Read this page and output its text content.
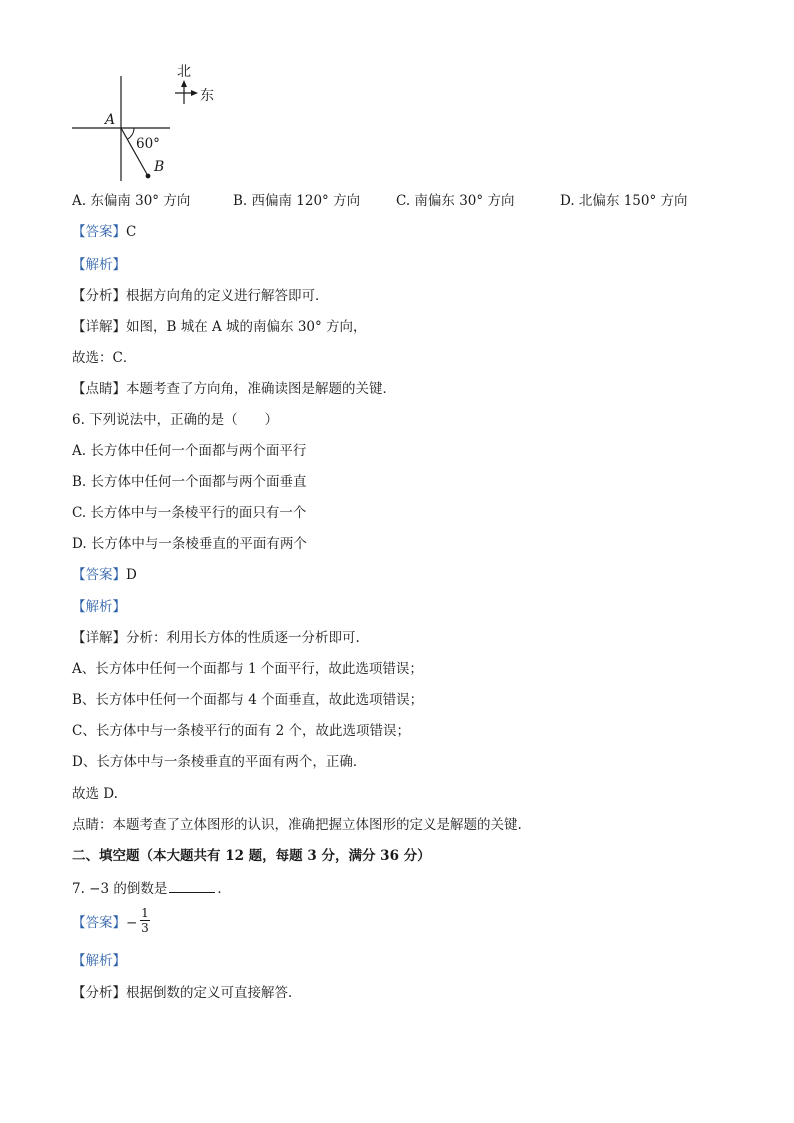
北
东
A
60°
B
A. 东偏南 30° 方向	B. 西偏南 120° 方向	C. 南偏东 30° 方向	D. 北偏东 150° 方向
【答案】C
【解析】
【分析】根据方向角的定义进行解答即可．
【详解】如图，B 城在 A 城的南偏东 30° 方向，
故选：C．
【点睛】本题考查了方向角，准确读图是解题的关键．
6. 下列说法中，正确的是（　　）
A. 长方体中任何一个面都与两个面平行
B. 长方体中任何一个面都与两个面垂直
C. 长方体中与一条棱平行的面只有一个
D. 长方体中与一条棱垂直的平面有两个
【答案】D
【解析】
【详解】分析：利用长方体的性质逐一分析即可.
A、长方体中任何一个面都与 1 个面平行，故此选项错误；
B、长方体中任何一个面都与 4 个面垂直，故此选项错误；
C、长方体中与一条棱平行的面有 2 个，故此选项错误；
D、长方体中与一条棱垂直的平面有两个，正确．
故选 D.
点睛：本题考查了立体图形的认识，准确把握立体图形的定义是解题的关键.
二、填空题（本大题共有 12 题，每题 3 分，满分 36 分）
7. −3 的倒数是	．
【答案】− $\frac{1}{3}$
【解析】
【分析】根据倒数的定义可直接解答．
